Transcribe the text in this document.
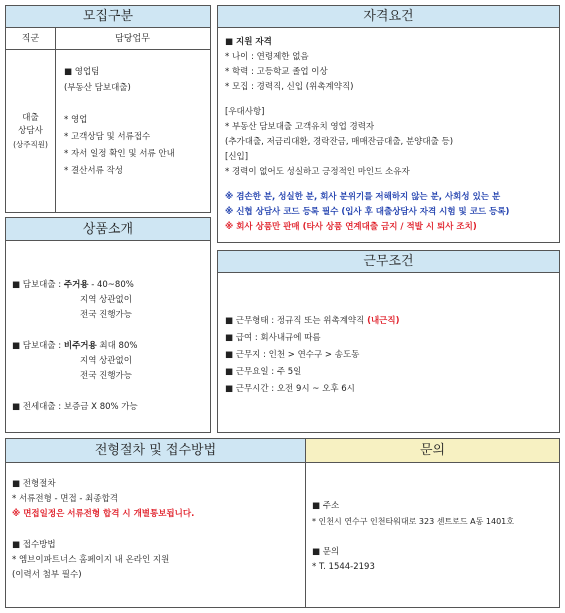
모집구분
직군	담당업무
대출
상담사
(상주직원)
■ 영업팀
(부동산 담보대출)
* 영업
* 고객상담 및 서류접수
* 자서 일정 확인 및 서류 안내
* 결산서류 작성
자격요건
■ 지원 자격
* 나이 : 연령제한 없음
* 학력 : 고등학교 졸업 이상
* 모집 : 경력직, 신입 (위촉계약직)
[우대사항]
* 부동산 담보대출 고객유치 영업 경력자
(추가대출, 저금리대환, 경락잔금, 매매잔금대출, 분양대출 등)
[신입]
* 경력이 없어도 성실하고 긍정적인 마인드 소유자
※ 겸손한 분, 성실한 분, 회사 분위기를 저해하지 않는 분, 사회성 있는 분
※ 신협 상담사 코드 등록 필수 (입사 후 대출상담사 자격 시험 및 코드 등록)
※ 회사 상품만 판매 (타사 상품 연계대출 금지 / 적발 시 퇴사 조치)
상품소개
■ 담보대출 : 주거용 - 40~80%
지역 상관없이
전국 진행가능
■ 담보대출 : 비주거용 최대 80%
지역 상관없이
전국 진행가능
■ 전세대출 : 보증금 X 80% 가능
근무조건
■ 근무형태 : 정규직 또는 위촉계약직 (내근직)
■ 급여 : 회사내규에 따름
■ 근무지 : 인천 > 연수구 > 송도동
■ 근무요일 : 주 5일
■ 근무시간 : 오전 9시 ~ 오후 6시
전형절차 및 접수방법
■ 전형절차
* 서류전형 - 면접 - 최종합격
※ 면접일정은 서류전형 합격 시 개별통보됩니다.
■ 접수방법
* 엠브이파트너스 홈페이지 내 온라인 지원
(이력서 첨부 필수)
문의
■ 주소
* 인천시 연수구 인천타워대로 323 센트로드 A동 1401호
■ 문의
* T. 1544-2193
